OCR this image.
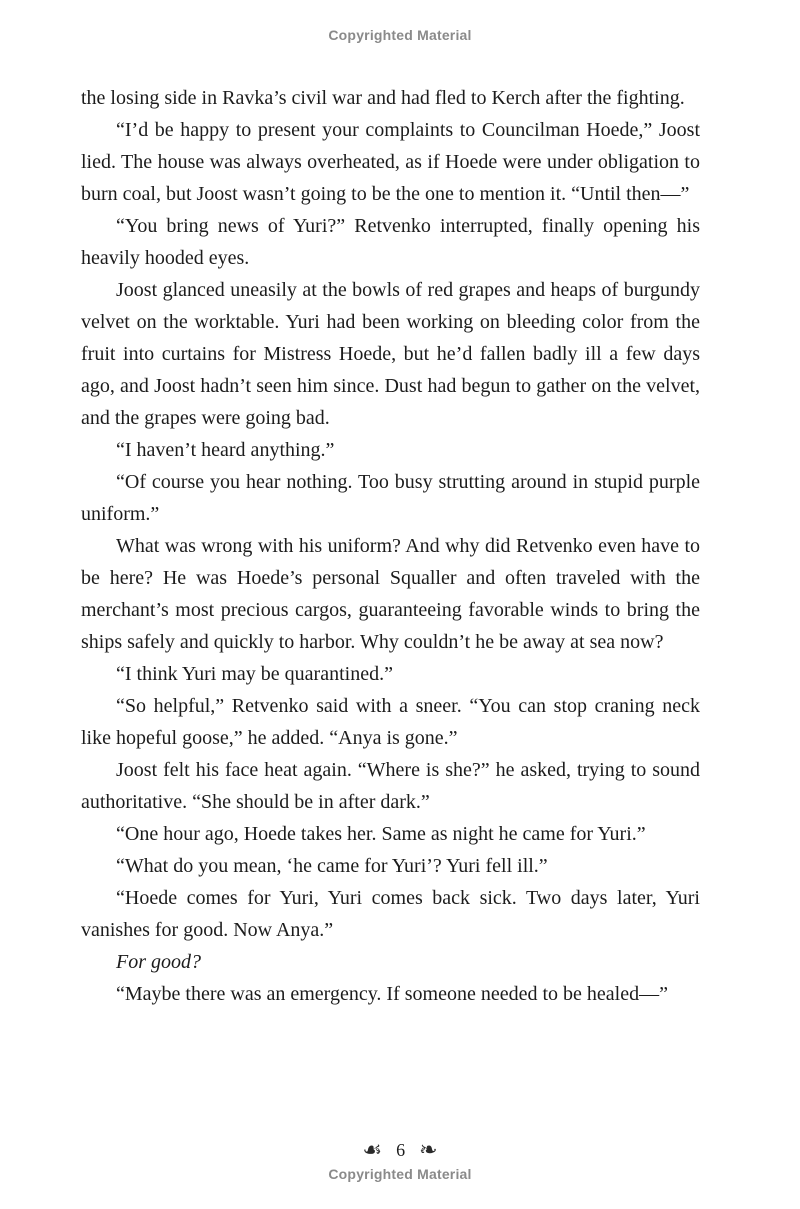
Copyrighted Material

the losing side in Ravka’s civil war and had fled to Kerch after the fighting.

“I’d be happy to present your complaints to Councilman Hoede,” Joost lied. The house was always overheated, as if Hoede were under obligation to burn coal, but Joost wasn’t going to be the one to mention it. “Until then—”

“You bring news of Yuri?” Retvenko interrupted, finally opening his heavily hooded eyes.

Joost glanced uneasily at the bowls of red grapes and heaps of burgundy velvet on the worktable. Yuri had been working on bleeding color from the fruit into curtains for Mistress Hoede, but he’d fallen badly ill a few days ago, and Joost hadn’t seen him since. Dust had begun to gather on the velvet, and the grapes were going bad.

“I haven’t heard anything.”

“Of course you hear nothing. Too busy strutting around in stupid purple uniform.”

What was wrong with his uniform? And why did Retvenko even have to be here? He was Hoede’s personal Squaller and often traveled with the merchant’s most precious cargos, guaranteeing favorable winds to bring the ships safely and quickly to harbor. Why couldn’t he be away at sea now?

“I think Yuri may be quarantined.”

“So helpful,” Retvenko said with a sneer. “You can stop craning neck like hopeful goose,” he added. “Anya is gone.”

Joost felt his face heat again. “Where is she?” he asked, trying to sound authoritative. “She should be in after dark.”

“One hour ago, Hoede takes her. Same as night he came for Yuri.”

“What do you mean, ‘he came for Yuri’? Yuri fell ill.”

“Hoede comes for Yuri, Yuri comes back sick. Two days later, Yuri vanishes for good. Now Anya.”

For good?

“Maybe there was an emergency. If someone needed to be healed—”

☙ 6 ❧
Copyrighted Material
